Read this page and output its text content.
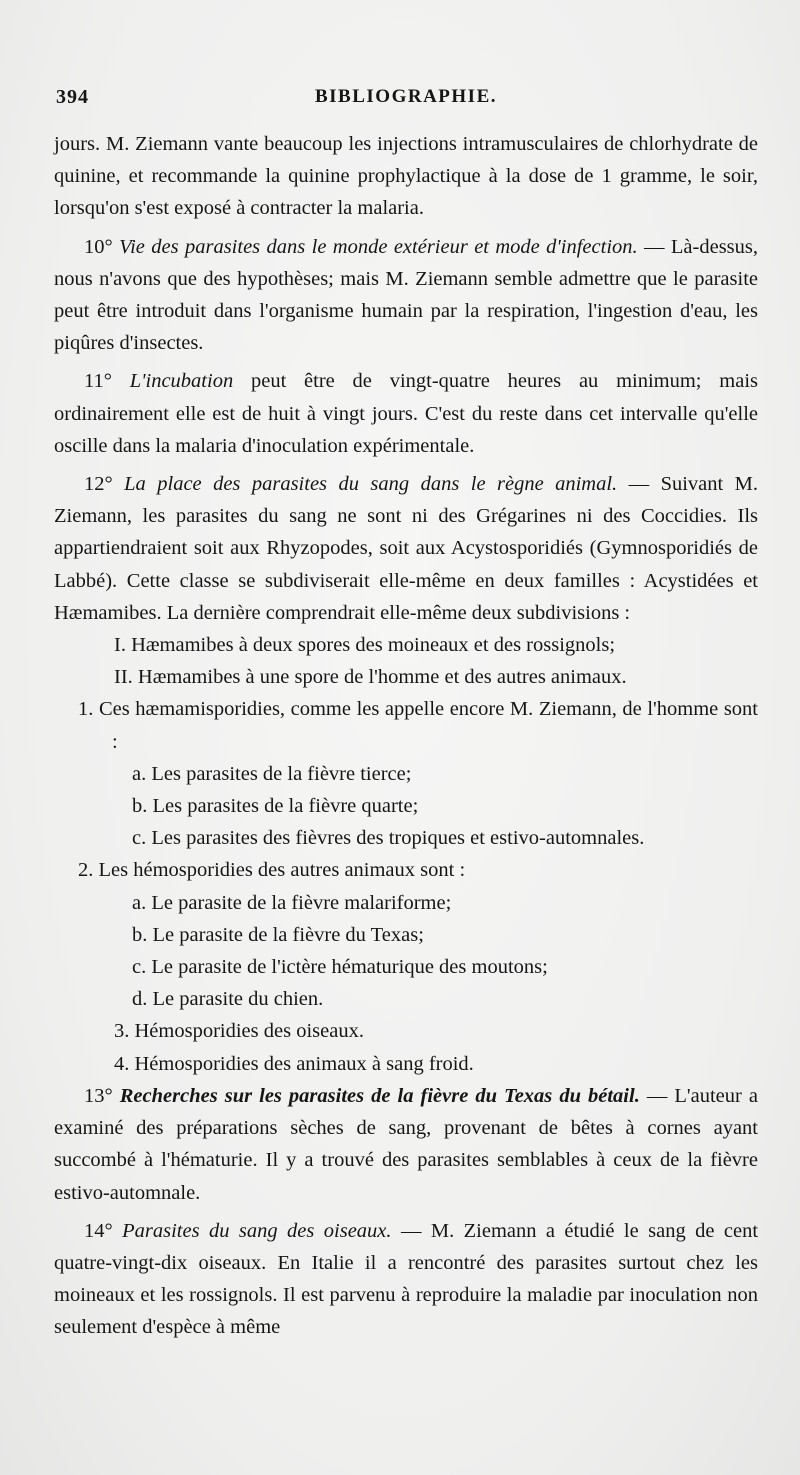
394	BIBLIOGRAPHIE.

jours. M. Ziemann vante beaucoup les injections intramusculaires de chlorhydrate de quinine, et recommande la quinine prophylactique à la dose de 1 gramme, le soir, lorsqu'on s'est exposé à contracter la malaria.

10° Vie des parasites dans le monde extérieur et mode d'infection. — Là-dessus, nous n'avons que des hypothèses; mais M. Ziemann semble admettre que le parasite peut être introduit dans l'organisme humain par la respiration, l'ingestion d'eau, les piqûres d'insectes.

11° L'incubation peut être de vingt-quatre heures au minimum; mais ordinairement elle est de huit à vingt jours. C'est du reste dans cet intervalle qu'elle oscille dans la malaria d'inoculation expérimentale.

12° La place des parasites du sang dans le règne animal. — Suivant M. Ziemann, les parasites du sang ne sont ni des Grégarines ni des Coccidies. Ils appartiendraient soit aux Rhyzopodes, soit aux Acystosporidiés (Gymnosporidiés de Labbé). Cette classe se subdiviserait elle-même en deux familles : Acystidées et Hæmamibes. La dernière comprendrait elle-même deux subdivisions :

I. Hæmamibes à deux spores des moineaux et des rossignols;

II. Hæmamibes à une spore de l'homme et des autres animaux.

1. Ces hæmamisporidies, comme les appelle encore M. Ziemann, de l'homme sont :

a. Les parasites de la fièvre tierce;

b. Les parasites de la fièvre quarte;

c. Les parasites des fièvres des tropiques et estivo-automnales.

2. Les hémosporidies des autres animaux sont :

a. Le parasite de la fièvre malariforme;

b. Le parasite de la fièvre du Texas;

c. Le parasite de l'ictère hématurique des moutons;

d. Le parasite du chien.

3. Hémosporidies des oiseaux.

4. Hémosporidies des animaux à sang froid.

13° Recherches sur les parasites de la fièvre du Texas du bétail. — L'auteur a examiné des préparations sèches de sang, provenant de bêtes à cornes ayant succombé à l'hématurie. Il y a trouvé des parasites semblables à ceux de la fièvre estivo-automnale.

14° Parasites du sang des oiseaux. — M. Ziemann a étudié le sang de cent quatre-vingt-dix oiseaux. En Italie il a rencontré des parasites surtout chez les moineaux et les rossignols. Il est parvenu à reproduire la maladie par inoculation non seulement d'espèce à même
